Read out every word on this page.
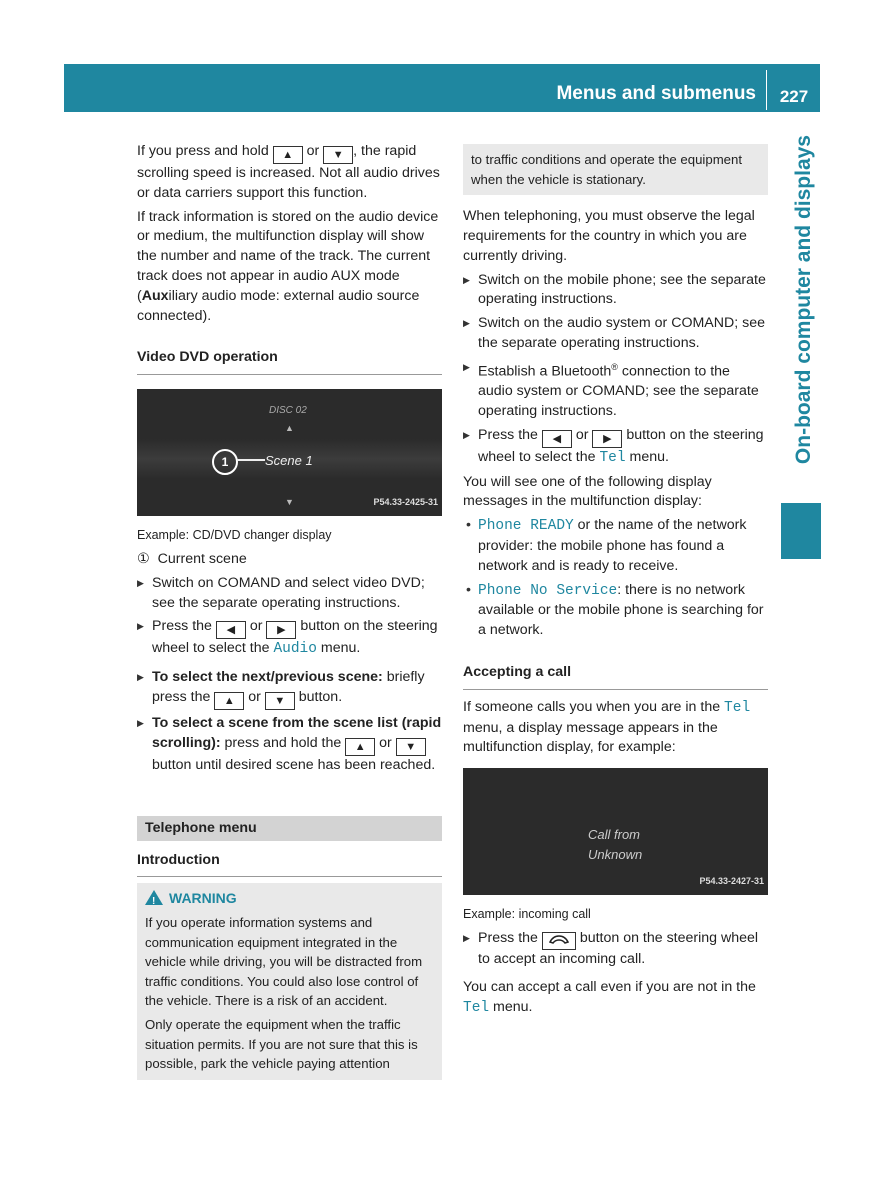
Menus and submenus	227
On-board computer and displays

If you press and hold ▲ or ▼ , the rapid scrolling speed is increased. Not all audio drives or data carriers support this function.

If track information is stored on the audio device or medium, the multifunction display will show the number and name of the track. The current track does not appear in audio AUX mode (Auxiliary audio mode: external audio source connected).

Video DVD operation
DISC 02
▲
1	Scene 1
▼	P54.33-2425-31
Example: CD/DVD changer display

① Current scene

▶ Switch on COMAND and select video DVD; see the separate operating instructions.
▶ Press the ◀ or ▶ button on the steering wheel to select the Audio menu.
▶ To select the next/previous scene: briefly press the ▲ or ▼ button.
▶ To select a scene from the scene list (rapid scrolling): press and hold the ▲ or ▼ button until desired scene has been reached.
Telephone menu
Introduction
!WARNING

If you operate information systems and communication equipment integrated in the vehicle while driving, you will be distracted from traffic conditions. You could also lose control of the vehicle. There is a risk of an accident.

Only operate the equipment when the traffic situation permits. If you are not sure that this is possible, park the vehicle paying attention

to traffic conditions and operate the equipment when the vehicle is stationary.

When telephoning, you must observe the legal requirements for the country in which you are currently driving.

▶ Switch on the mobile phone; see the separate operating instructions.
▶ Switch on the audio system or COMAND; see the separate operating instructions.
▶ Establish a Bluetooth® connection to the audio system or COMAND; see the separate operating instructions.
▶ Press the ◀ or ▶ button on the steering wheel to select the Tel menu.

You will see one of the following display messages in the multifunction display:

• Phone READY or the name of the network provider: the mobile phone has found a network and is ready to receive.
• Phone No Service: there is no network available or the mobile phone is searching for a network.
Accepting a call

If someone calls you when you are in the Tel menu, a display message appears in the multifunction display, for example:

Call from
Unknown
P54.33-2427-31
Example: incoming call
▶ Press the  button on the steering wheel to accept an incoming call.

You can accept a call even if you are not in the Tel menu.
